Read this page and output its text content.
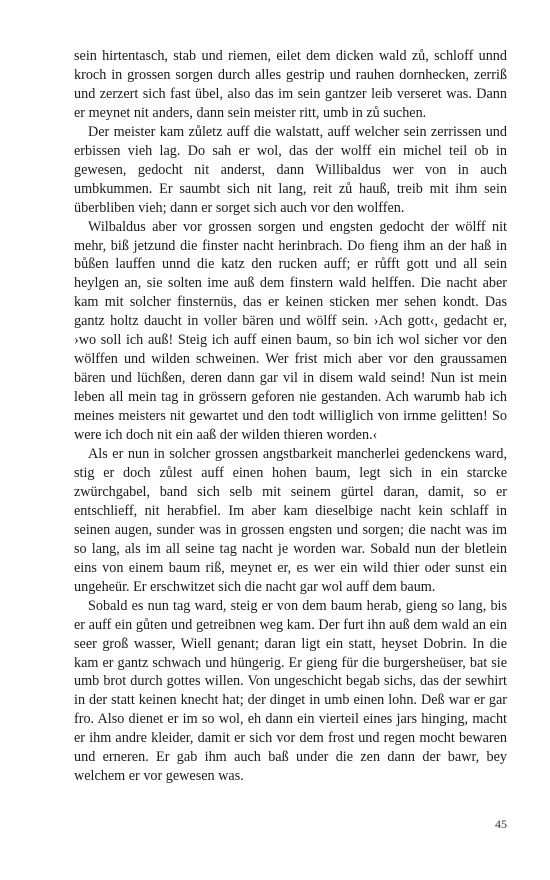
sein hirtentasch, stab und riemen, eilet dem dicken wald zů, schloff unnd kroch in grossen sorgen durch alles gestrip und rauhen dornhecken, zerriß und zerzert sich fast übel, also das im sein gantzer leib verseret was. Dann er meynet nit anders, dann sein meister ritt, umb in zů suchen.

Der meister kam zůletz auff die walstatt, auff welcher sein zerrissen und erbissen vieh lag. Do sah er wol, das der wolff ein michel teil ob in gewesen, gedocht nit anderst, dann Willibaldus wer von in auch umbkummen. Er saumbt sich nit lang, reit zů hauß, treib mit ihm sein überbliben vieh; dann er sorget sich auch vor den wolffen.

Wilbaldus aber vor grossen sorgen und engsten gedocht der wölff nit mehr, biß jetzund die finster nacht herinbrach. Do fieng ihm an der haß in bůßen lauffen unnd die katz den rucken auff; er růfft gott und all sein heylgen an, sie solten ime auß dem finstern wald helffen. Die nacht aber kam mit solcher finsternüs, das er keinen sticken mer sehen kondt. Das gantz holtz daucht in voller bären und wölff sein. ›Ach gott‹, gedacht er, ›wo soll ich auß! Steig ich auff einen baum, so bin ich wol sicher vor den wölffen und wilden schweinen. Wer frist mich aber vor den graussamen bären und lüchßen, deren dann gar vil in disem wald seind! Nun ist mein leben all mein tag in grössern geforen nie gestanden. Ach warumb hab ich meines meisters nit gewartet und den todt williglich von irnme gelitten! So were ich doch nit ein aaß der wilden thieren worden.‹

Als er nun in solcher grossen angstbarkeit mancherlei gedenckens ward, stig er doch zůlest auff einen hohen baum, legt sich in ein starcke zwürchgabel, band sich selb mit seinem gürtel daran, damit, so er entschlieff, nit herabfiel. Im aber kam dieselbige nacht kein schlaff in seinen augen, sunder was in grossen engsten und sorgen; die nacht was im so lang, als im all seine tag nacht je worden war. Sobald nun der bletlein eins von einem baum riß, meynet er, es wer ein wild thier oder sunst ein ungeheür. Er erschwitzet sich die nacht gar wol auff dem baum.

Sobald es nun tag ward, steig er von dem baum herab, gieng so lang, bis er auff ein gůten und getreibnen weg kam. Der furt ihn auß dem wald an ein seer groß wasser, Wiell genant; daran ligt ein statt, heyset Dobrin. In die kam er gantz schwach und hüngerig. Er gieng für die burgersheüser, bat sie umb brot durch gottes willen. Von ungeschicht begab sichs, das der sewhirt in der statt keinen knecht hat; der dinget in umb einen lohn. Deß war er gar fro. Also dienet er im so wol, eh dann ein vierteil eines jars hinging, macht er ihm andre kleider, damit er sich vor dem frost und regen mocht bewaren und erneren. Er gab ihm auch baß under die zen dann der bawr, bey welchem er vor gewesen was.

45
